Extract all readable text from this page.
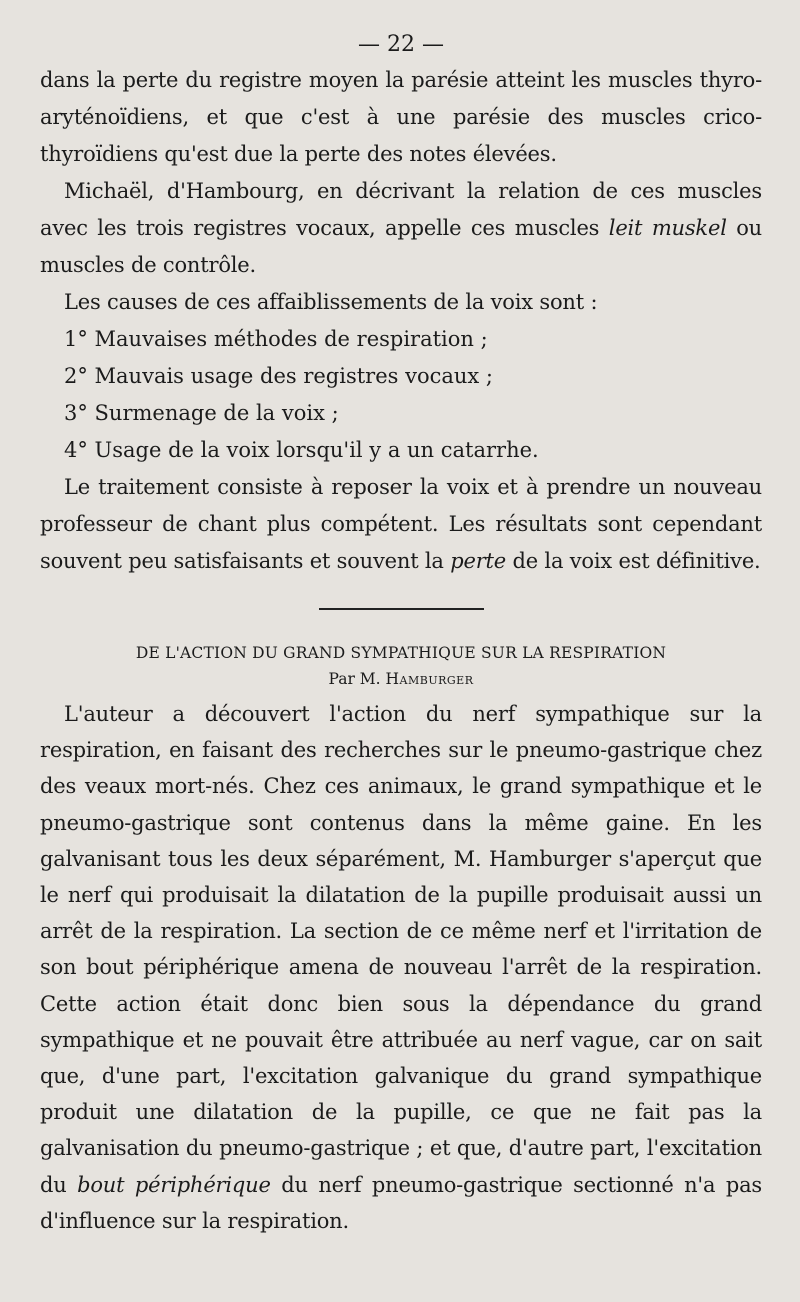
— 22 —

dans la perte du registre moyen la parésie atteint les muscles thyro-aryténoïdiens, et que c'est à une parésie des muscles crico-thyroïdiens qu'est due la perte des notes élevées.

Michaël, d'Hambourg, en décrivant la relation de ces muscles avec les trois registres vocaux, appelle ces muscles leit muskel ou muscles de contrôle.

Les causes de ces affaiblissements de la voix sont :

1° Mauvaises méthodes de respiration ;
2° Mauvais usage des registres vocaux ;
3° Surmenage de la voix ;
4° Usage de la voix lorsqu'il y a un catarrhe.

Le traitement consiste à reposer la voix et à prendre un nouveau professeur de chant plus compétent. Les résultats sont cependant souvent peu satisfaisants et souvent la perte de la voix est définitive.

DE L'ACTION DU GRAND SYMPATHIQUE SUR LA RESPIRATION
Par M. Hamburger

L'auteur a découvert l'action du nerf sympathique sur la respiration, en faisant des recherches sur le pneumo-gastrique chez des veaux mort-nés. Chez ces animaux, le grand sympathique et le pneumo-gastrique sont contenus dans la même gaine. En les galvanisant tous les deux séparément, M. Hamburger s'aperçut que le nerf qui produisait la dilatation de la pupille produisait aussi un arrêt de la respiration. La section de ce même nerf et l'irritation de son bout périphérique amena de nouveau l'arrêt de la respiration. Cette action était donc bien sous la dépendance du grand sympathique et ne pouvait être attribuée au nerf vague, car on sait que, d'une part, l'excitation galvanique du grand sympathique produit une dilatation de la pupille, ce que ne fait pas la galvanisation du pneumo-gastrique ; et que, d'autre part, l'excitation du bout périphérique du nerf pneumo-gastrique sectionné n'a pas d'influence sur la respiration.
